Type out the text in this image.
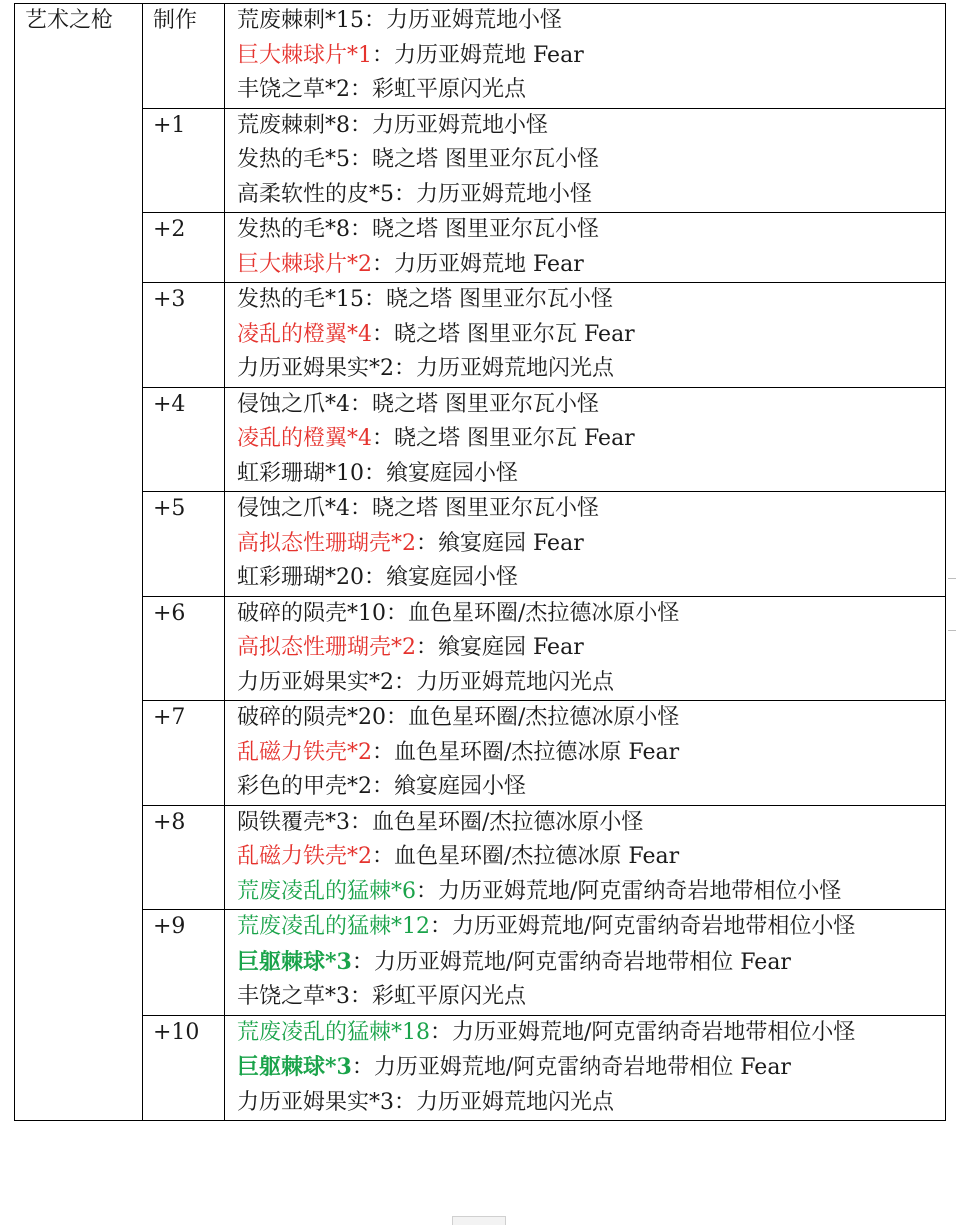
艺术之枪	制作	荒废棘刺*15：力历亚姆荒地小怪
巨大棘球片*1：力历亚姆荒地 Fear
丰饶之草*2：彩虹平原闪光点

	+1	荒废棘刺*8：力历亚姆荒地小怪
发热的毛*5：晓之塔 图里亚尔瓦小怪
高柔软性的皮*5：力历亚姆荒地小怪

	+2	发热的毛*8：晓之塔 图里亚尔瓦小怪
巨大棘球片*2：力历亚姆荒地 Fear

	+3	发热的毛*15：晓之塔 图里亚尔瓦小怪
凌乱的橙翼*4：晓之塔 图里亚尔瓦 Fear
力历亚姆果实*2：力历亚姆荒地闪光点

	+4	侵蚀之爪*4：晓之塔 图里亚尔瓦小怪
凌乱的橙翼*4：晓之塔 图里亚尔瓦 Fear
虹彩珊瑚*10：飨宴庭园小怪

	+5	侵蚀之爪*4：晓之塔 图里亚尔瓦小怪
高拟态性珊瑚壳*2：飨宴庭园 Fear
虹彩珊瑚*20：飨宴庭园小怪

	+6	破碎的陨壳*10：血色星环圈/杰拉德冰原小怪
高拟态性珊瑚壳*2：飨宴庭园 Fear
力历亚姆果实*2：力历亚姆荒地闪光点

	+7	破碎的陨壳*20：血色星环圈/杰拉德冰原小怪
乱磁力铁壳*2：血色星环圈/杰拉德冰原 Fear
彩色的甲壳*2：飨宴庭园小怪

	+8	陨铁覆壳*3：血色星环圈/杰拉德冰原小怪
乱磁力铁壳*2：血色星环圈/杰拉德冰原 Fear
荒废凌乱的猛棘*6：力历亚姆荒地/阿克雷纳奇岩地带相位小怪

	+9	荒废凌乱的猛棘*12：力历亚姆荒地/阿克雷纳奇岩地带相位小怪
巨躯棘球*3：力历亚姆荒地/阿克雷纳奇岩地带相位 Fear
丰饶之草*3：彩虹平原闪光点

	+10	荒废凌乱的猛棘*18：力历亚姆荒地/阿克雷纳奇岩地带相位小怪
巨躯棘球*3：力历亚姆荒地/阿克雷纳奇岩地带相位 Fear
力历亚姆果实*3：力历亚姆荒地闪光点
